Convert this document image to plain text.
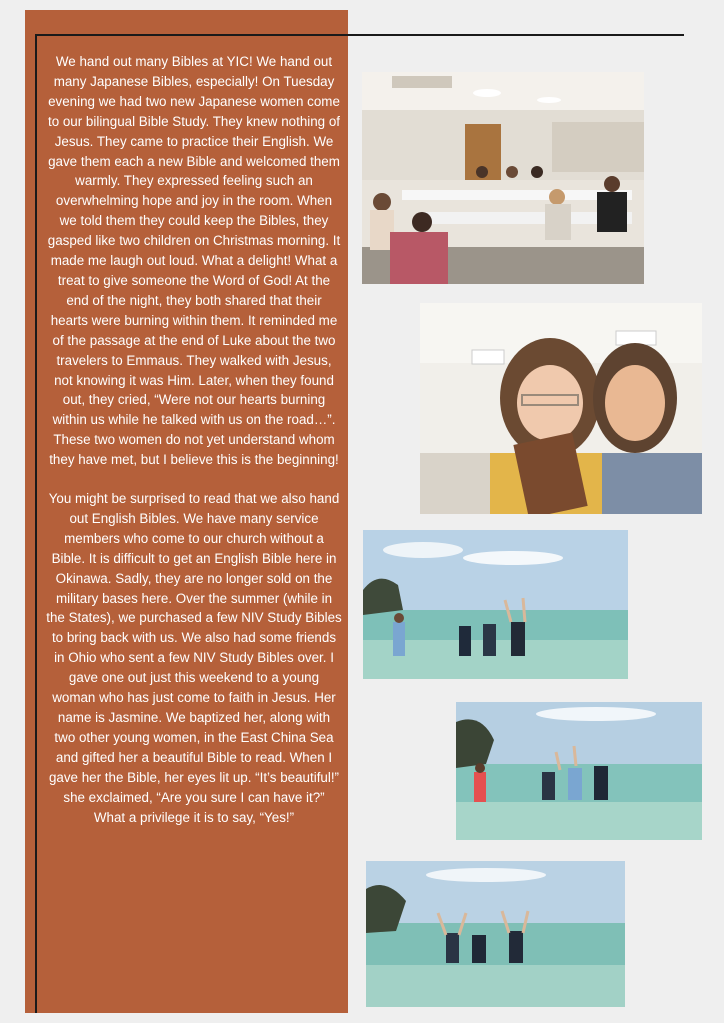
We hand out many Bibles at YIC! We hand out many Japanese Bibles, especially! On Tuesday evening we had two new Japanese women come to our bilingual Bible Study. They knew nothing of Jesus. They came to practice their English. We gave them each a new Bible and welcomed them warmly. They expressed feeling such an overwhelming hope and joy in the room. When we told them they could keep the Bibles, they gasped like two children on Christmas morning. It made me laugh out loud. What a delight! What a treat to give someone the Word of God! At the end of the night, they both shared that their hearts were burning within them. It reminded me of the passage at the end of Luke about the two travelers to Emmaus. They walked with Jesus, not knowing it was Him. Later, when they found out, they cried, “Were not our hearts burning within us while he talked with us on the road…”. These two women do not yet understand whom they have met, but I believe this is the beginning!

You might be surprised to read that we also hand out English Bibles. We have many service members who come to our church without a Bible. It is difficult to get an English Bible here in Okinawa. Sadly, they are no longer sold on the military bases here. Over the summer (while in the States), we purchased a few NIV Study Bibles to bring back with us. We also had some friends in Ohio who sent a few NIV Study Bibles over. I gave one out just this weekend to a young woman who has just come to faith in Jesus. Her name is Jasmine. We baptized her, along with two other young women, in the East China Sea and gifted her a beautiful Bible to read. When I gave her the Bible, her eyes lit up. “It’s beautiful!” she exclaimed, “Are you sure I can have it?” What a privilege it is to say, “Yes!”
